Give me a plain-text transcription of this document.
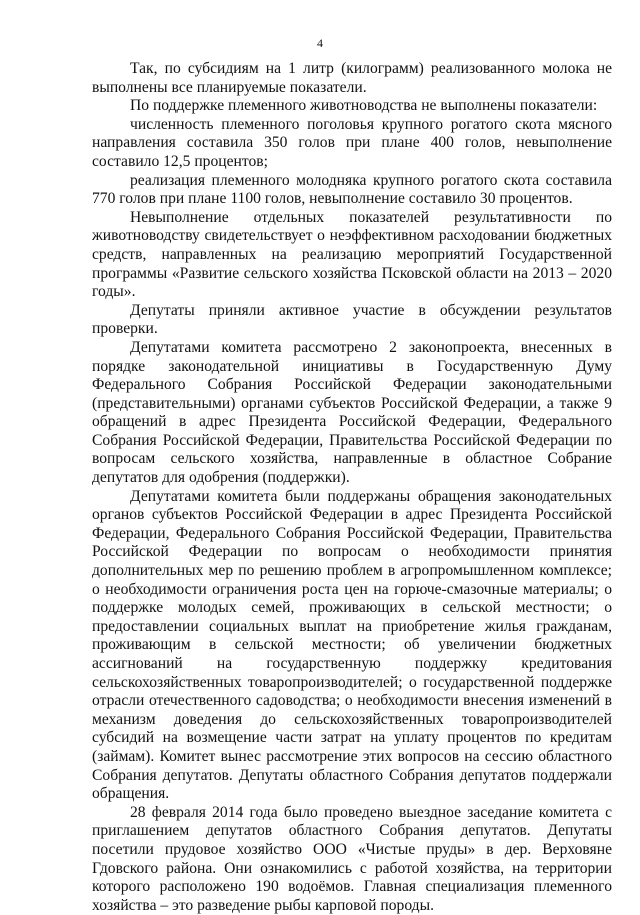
4

Так, по субсидиям на 1 литр (килограмм) реализованного молока не выполнены все планируемые показатели.

По поддержке племенного животноводства не выполнены показатели:

численность племенного поголовья крупного рогатого скота мясного направления составила 350 голов при плане 400 голов, невыполнение составило 12,5 процентов;

реализация племенного молодняка крупного рогатого скота составила 770 голов при плане 1100 голов, невыполнение составило 30 процентов.

Невыполнение отдельных показателей результативности по животноводству свидетельствует о неэффективном расходовании бюджетных средств, направленных на реализацию мероприятий Государственной программы «Развитие сельского хозяйства Псковской области на 2013 – 2020 годы».

Депутаты приняли активное участие в обсуждении результатов проверки.

Депутатами комитета рассмотрено 2 законопроекта, внесенных в порядке законодательной инициативы в Государственную Думу Федерального Собрания Российской Федерации законодательными (представительными) органами субъектов Российской Федерации, а также 9 обращений в адрес Президента Российской Федерации, Федерального Собрания Российской Федерации, Правительства Российской Федерации по вопросам сельского хозяйства, направленные в областное Собрание депутатов для одобрения (поддержки).

Депутатами комитета были поддержаны обращения законодательных органов субъектов Российской Федерации в адрес Президента Российской Федерации, Федерального Собрания Российской Федерации, Правительства Российской Федерации по вопросам о необходимости принятия дополнительных мер по решению проблем в агропромышленном комплексе; о необходимости ограничения роста цен на горюче-смазочные материалы; о поддержке молодых семей, проживающих в сельской местности; о предоставлении социальных выплат на приобретение жилья гражданам, проживающим в сельской местности; об увеличении бюджетных ассигнований на государственную поддержку кредитования сельскохозяйственных товаропроизводителей; о государственной поддержке отрасли отечественного садоводства; о необходимости внесения изменений в механизм доведения до сельскохозяйственных товаропроизводителей субсидий на возмещение части затрат на уплату процентов по кредитам (займам). Комитет вынес рассмотрение этих вопросов на сессию областного Собрания депутатов. Депутаты областного Собрания депутатов поддержали обращения.

28 февраля 2014 года было проведено выездное заседание комитета с приглашением депутатов областного Собрания депутатов. Депутаты посетили прудовое хозяйство ООО «Чистые пруды» в дер. Верховяне Гдовского района. Они ознакомились с работой хозяйства, на территории которого расположено 190 водоёмов. Главная специализация племенного хозяйства – это разведение рыбы карповой породы.
